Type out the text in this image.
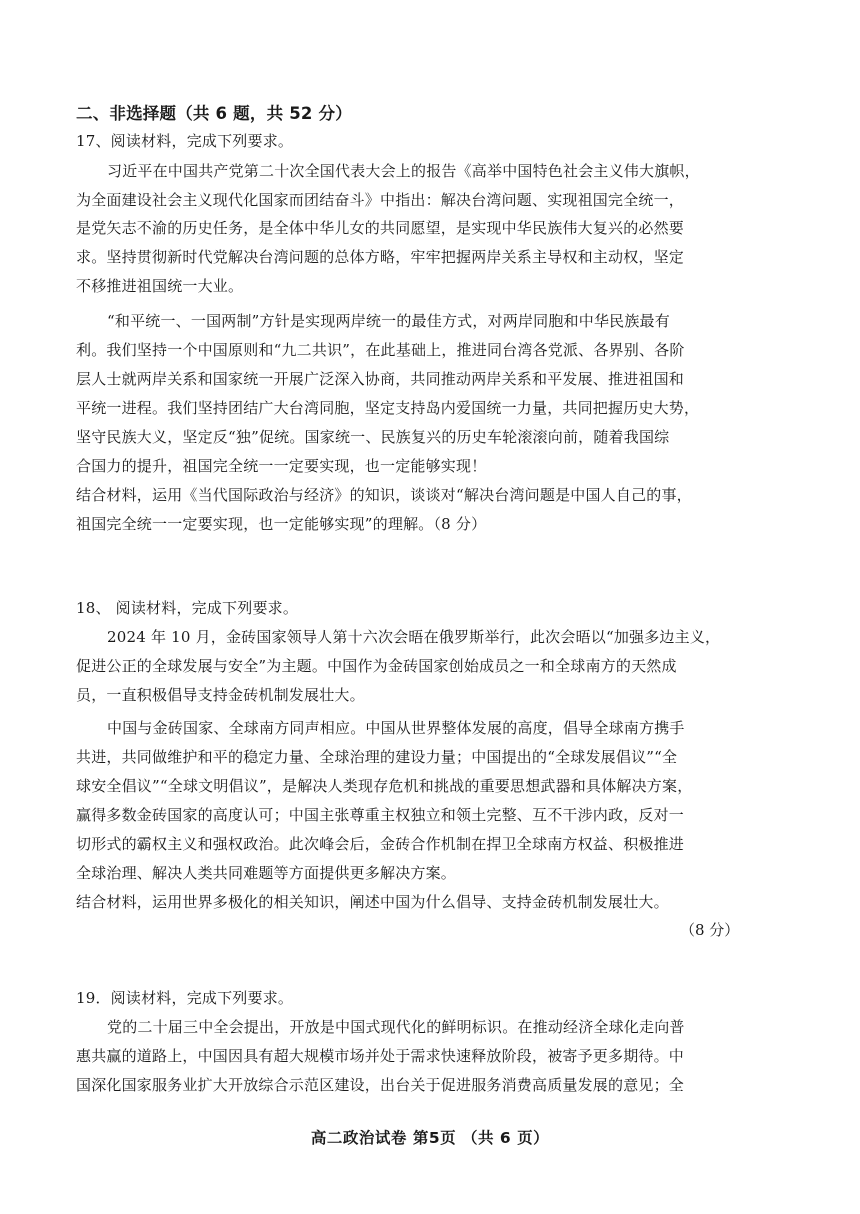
二、非选择题（共 6 题，共 52 分）
17、阅读材料，完成下列要求。
习近平在中国共产党第二十次全国代表大会上的报告《高举中国特色社会主义伟大旗帜，
为全面建设社会主义现代化国家而团结奋斗》中指出：解决台湾问题、实现祖国完全统一，
是党矢志不渝的历史任务，是全体中华儿女的共同愿望，是实现中华民族伟大复兴的必然要
求。坚持贯彻新时代党解决台湾问题的总体方略，牢牢把握两岸关系主导权和主动权，坚定
不移推进祖国统一大业。
“和平统一、一国两制”方针是实现两岸统一的最佳方式，对两岸同胞和中华民族最有
利。我们坚持一个中国原则和“九二共识”，在此基础上，推进同台湾各党派、各界别、各阶
层人士就两岸关系和国家统一开展广泛深入协商，共同推动两岸关系和平发展、推进祖国和
平统一进程。我们坚持团结广大台湾同胞，坚定支持岛内爱国统一力量，共同把握历史大势，
坚守民族大义，坚定反“独”促统。国家统一、民族复兴的历史车轮滚滚向前，随着我国综
合国力的提升，祖国完全统一一定要实现，也一定能够实现！
结合材料，运用《当代国际政治与经济》的知识，谈谈对“解决台湾问题是中国人自己的事，
祖国完全统一一定要实现，也一定能够实现”的理解。（8 分）
18、 阅读材料，完成下列要求。
2024 年 10 月，金砖国家领导人第十六次会晤在俄罗斯举行，此次会晤以“加强多边主义，
促进公正的全球发展与安全”为主题。中国作为金砖国家创始成员之一和全球南方的天然成
员，一直积极倡导支持金砖机制发展壮大。
中国与金砖国家、全球南方同声相应。中国从世界整体发展的高度，倡导全球南方携手
共进，共同做维护和平的稳定力量、全球治理的建设力量；中国提出的“全球发展倡议”“全
球安全倡议”“全球文明倡议”，是解决人类现存危机和挑战的重要思想武器和具体解决方案，
赢得多数金砖国家的高度认可；中国主张尊重主权独立和领土完整、互不干涉内政，反对一
切形式的霸权主义和强权政治。此次峰会后，金砖合作机制在捍卫全球南方权益、积极推进
全球治理、解决人类共同难题等方面提供更多解决方案。
结合材料，运用世界多极化的相关知识，阐述中国为什么倡导、支持金砖机制发展壮大。
（8 分）
19．阅读材料，完成下列要求。
党的二十届三中全会提出，开放是中国式现代化的鲜明标识。在推动经济全球化走向普
惠共赢的道路上，中国因具有超大规模市场并处于需求快速释放阶段，被寄予更多期待。中
国深化国家服务业扩大开放综合示范区建设，出台关于促进服务消费高质量发展的意见；全
高二政治试卷 第5页 （共 6 页）
